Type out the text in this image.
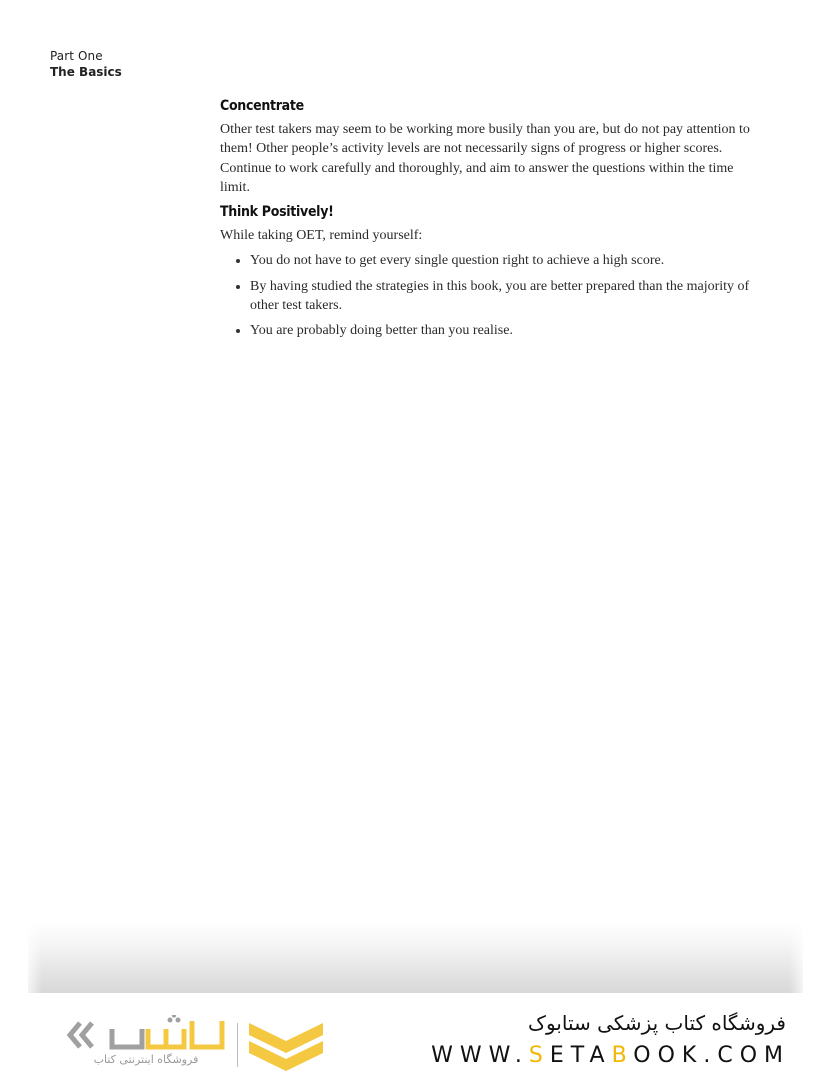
Part One
The Basics
Concentrate

Other test takers may seem to be working more busily than you are, but do not pay attention to them! Other people’s activity levels are not necessarily signs of progress or higher scores. Continue to work carefully and thoroughly, and aim to answer the questions within the time limit.

Think Positively!

While taking OET, remind yourself:

You do not have to get every single question right to achieve a high score.
By having studied the strategies in this book, you are better prepared than the majority of other test takers.
You are probably doing better than you realise.
فروشگاه اینترنتی کتاب
فروشگاه کتاب پزشکی ستابوک
WWW.SETABOOK.COM
